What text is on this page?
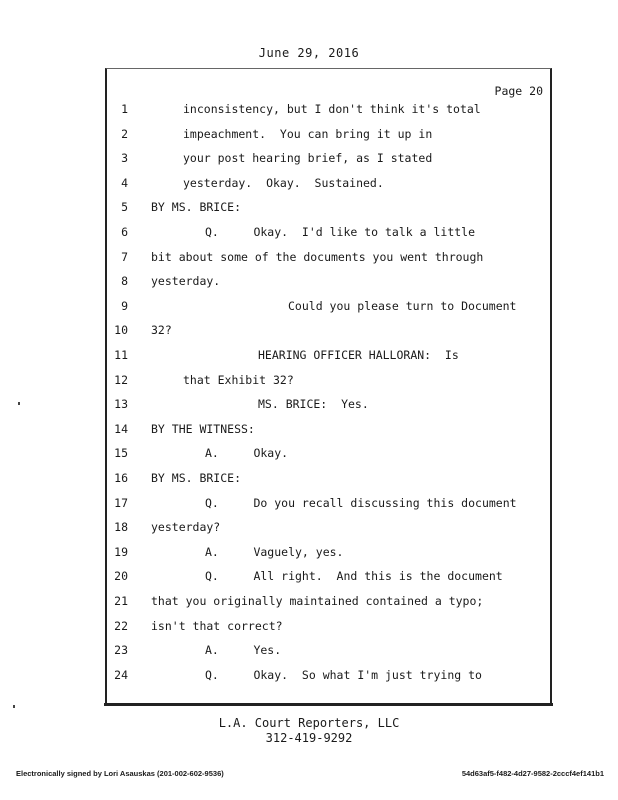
June 29, 2016
Page 20
1	inconsistency, but I don't think it's total
2	impeachment.  You can bring it up in
3	your post hearing brief, as I stated
4	yesterday.  Okay.  Sustained.
5 BY MS. BRICE:
6	Q.     Okay.  I'd like to talk a little
7 bit about some of the documents you went through
8 yesterday.
9	Could you please turn to Document
10 32?
11	HEARING OFFICER HALLORAN:  Is
12	that Exhibit 32?
13	MS. BRICE:  Yes.
14 BY THE WITNESS:
15	A.     Okay.
16 BY MS. BRICE:
17	Q.     Do you recall discussing this document
18 yesterday?
19	A.     Vaguely, yes.
20	Q.     All right.  And this is the document
21 that you originally maintained contained a typo;
22 isn't that correct?
23	A.     Yes.
24	Q.     Okay.  So what I'm just trying to
L.A. Court Reporters, LLC
312-419-9292
Electronically signed by Lori Asauskas (201-002-602-9536)	54d63af5-f482-4d27-9582-2cccf4ef141b1
